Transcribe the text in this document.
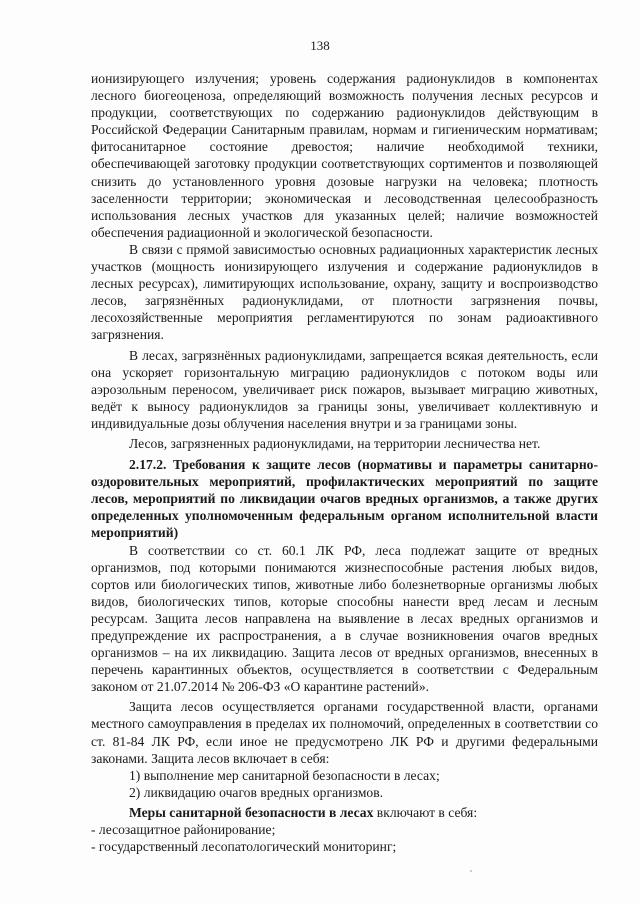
138

ионизирующего излучения; уровень содержания радионуклидов в компонентах лесного биогеоценоза, определяющий возможность получения лесных ресурсов и продукции, соответствующих по содержанию радионуклидов действующим в Российской Федерации Санитарным правилам, нормам и гигиеническим нормативам; фитосанитарное состояние древостоя; наличие необходимой техники, обеспечивающей заготовку продукции соответствующих сортиментов и позволяющей снизить до установленного уровня дозовые нагрузки на человека; плотность заселенности территории; экономическая и лесоводственная целесообразность использования лесных участков для указанных целей; наличие возможностей обеспечения радиационной и экологической безопасности.

В связи с прямой зависимостью основных радиационных характеристик лесных участков (мощность ионизирующего излучения и содержание радионуклидов в лесных ресурсах), лимитирующих использование, охрану, защиту и воспроизводство лесов, загрязнённых радионуклидами, от плотности загрязнения почвы, лесохозяйственные мероприятия регламентируются по зонам радиоактивного загрязнения.

В лесах, загрязнённых радионуклидами, запрещается всякая деятельность, если она ускоряет горизонтальную миграцию радионуклидов с потоком воды или аэрозольным переносом, увеличивает риск пожаров, вызывает миграцию животных, ведёт к выносу радионуклидов за границы зоны, увеличивает коллективную и индивидуальные дозы облучения населения внутри и за границами зоны.

Лесов, загрязненных радионуклидами, на территории лесничества нет.

2.17.2. Требования к защите лесов (нормативы и параметры санитарно-оздоровительных мероприятий, профилактических мероприятий по защите лесов, мероприятий по ликвидации очагов вредных организмов, а также других определенных уполномоченным федеральным органом исполнительной власти мероприятий)

В соответствии со ст. 60.1 ЛК РФ, леса подлежат защите от вредных организмов, под которыми понимаются жизнеспособные растения любых видов, сортов или биологических типов, животные либо болезнетворные организмы любых видов, биологических типов, которые способны нанести вред лесам и лесным ресурсам. Защита лесов направлена на выявление в лесах вредных организмов и предупреждение их распространения, а в случае возникновения очагов вредных организмов – на их ликвидацию. Защита лесов от вредных организмов, внесенных в перечень карантинных объектов, осуществляется в соответствии с Федеральным законом от 21.07.2014 № 206-ФЗ «О карантине растений».

Защита лесов осуществляется органами государственной власти, органами местного самоуправления в пределах их полномочий, определенных в соответствии со ст. 81-84 ЛК РФ, если иное не предусмотрено ЛК РФ и другими федеральными законами. Защита лесов включает в себя:

1) выполнение мер санитарной безопасности в лесах;

2) ликвидацию очагов вредных организмов.

Меры санитарной безопасности в лесах включают в себя:

- лесозащитное районирование;

- государственный лесопатологический мониторинг;
